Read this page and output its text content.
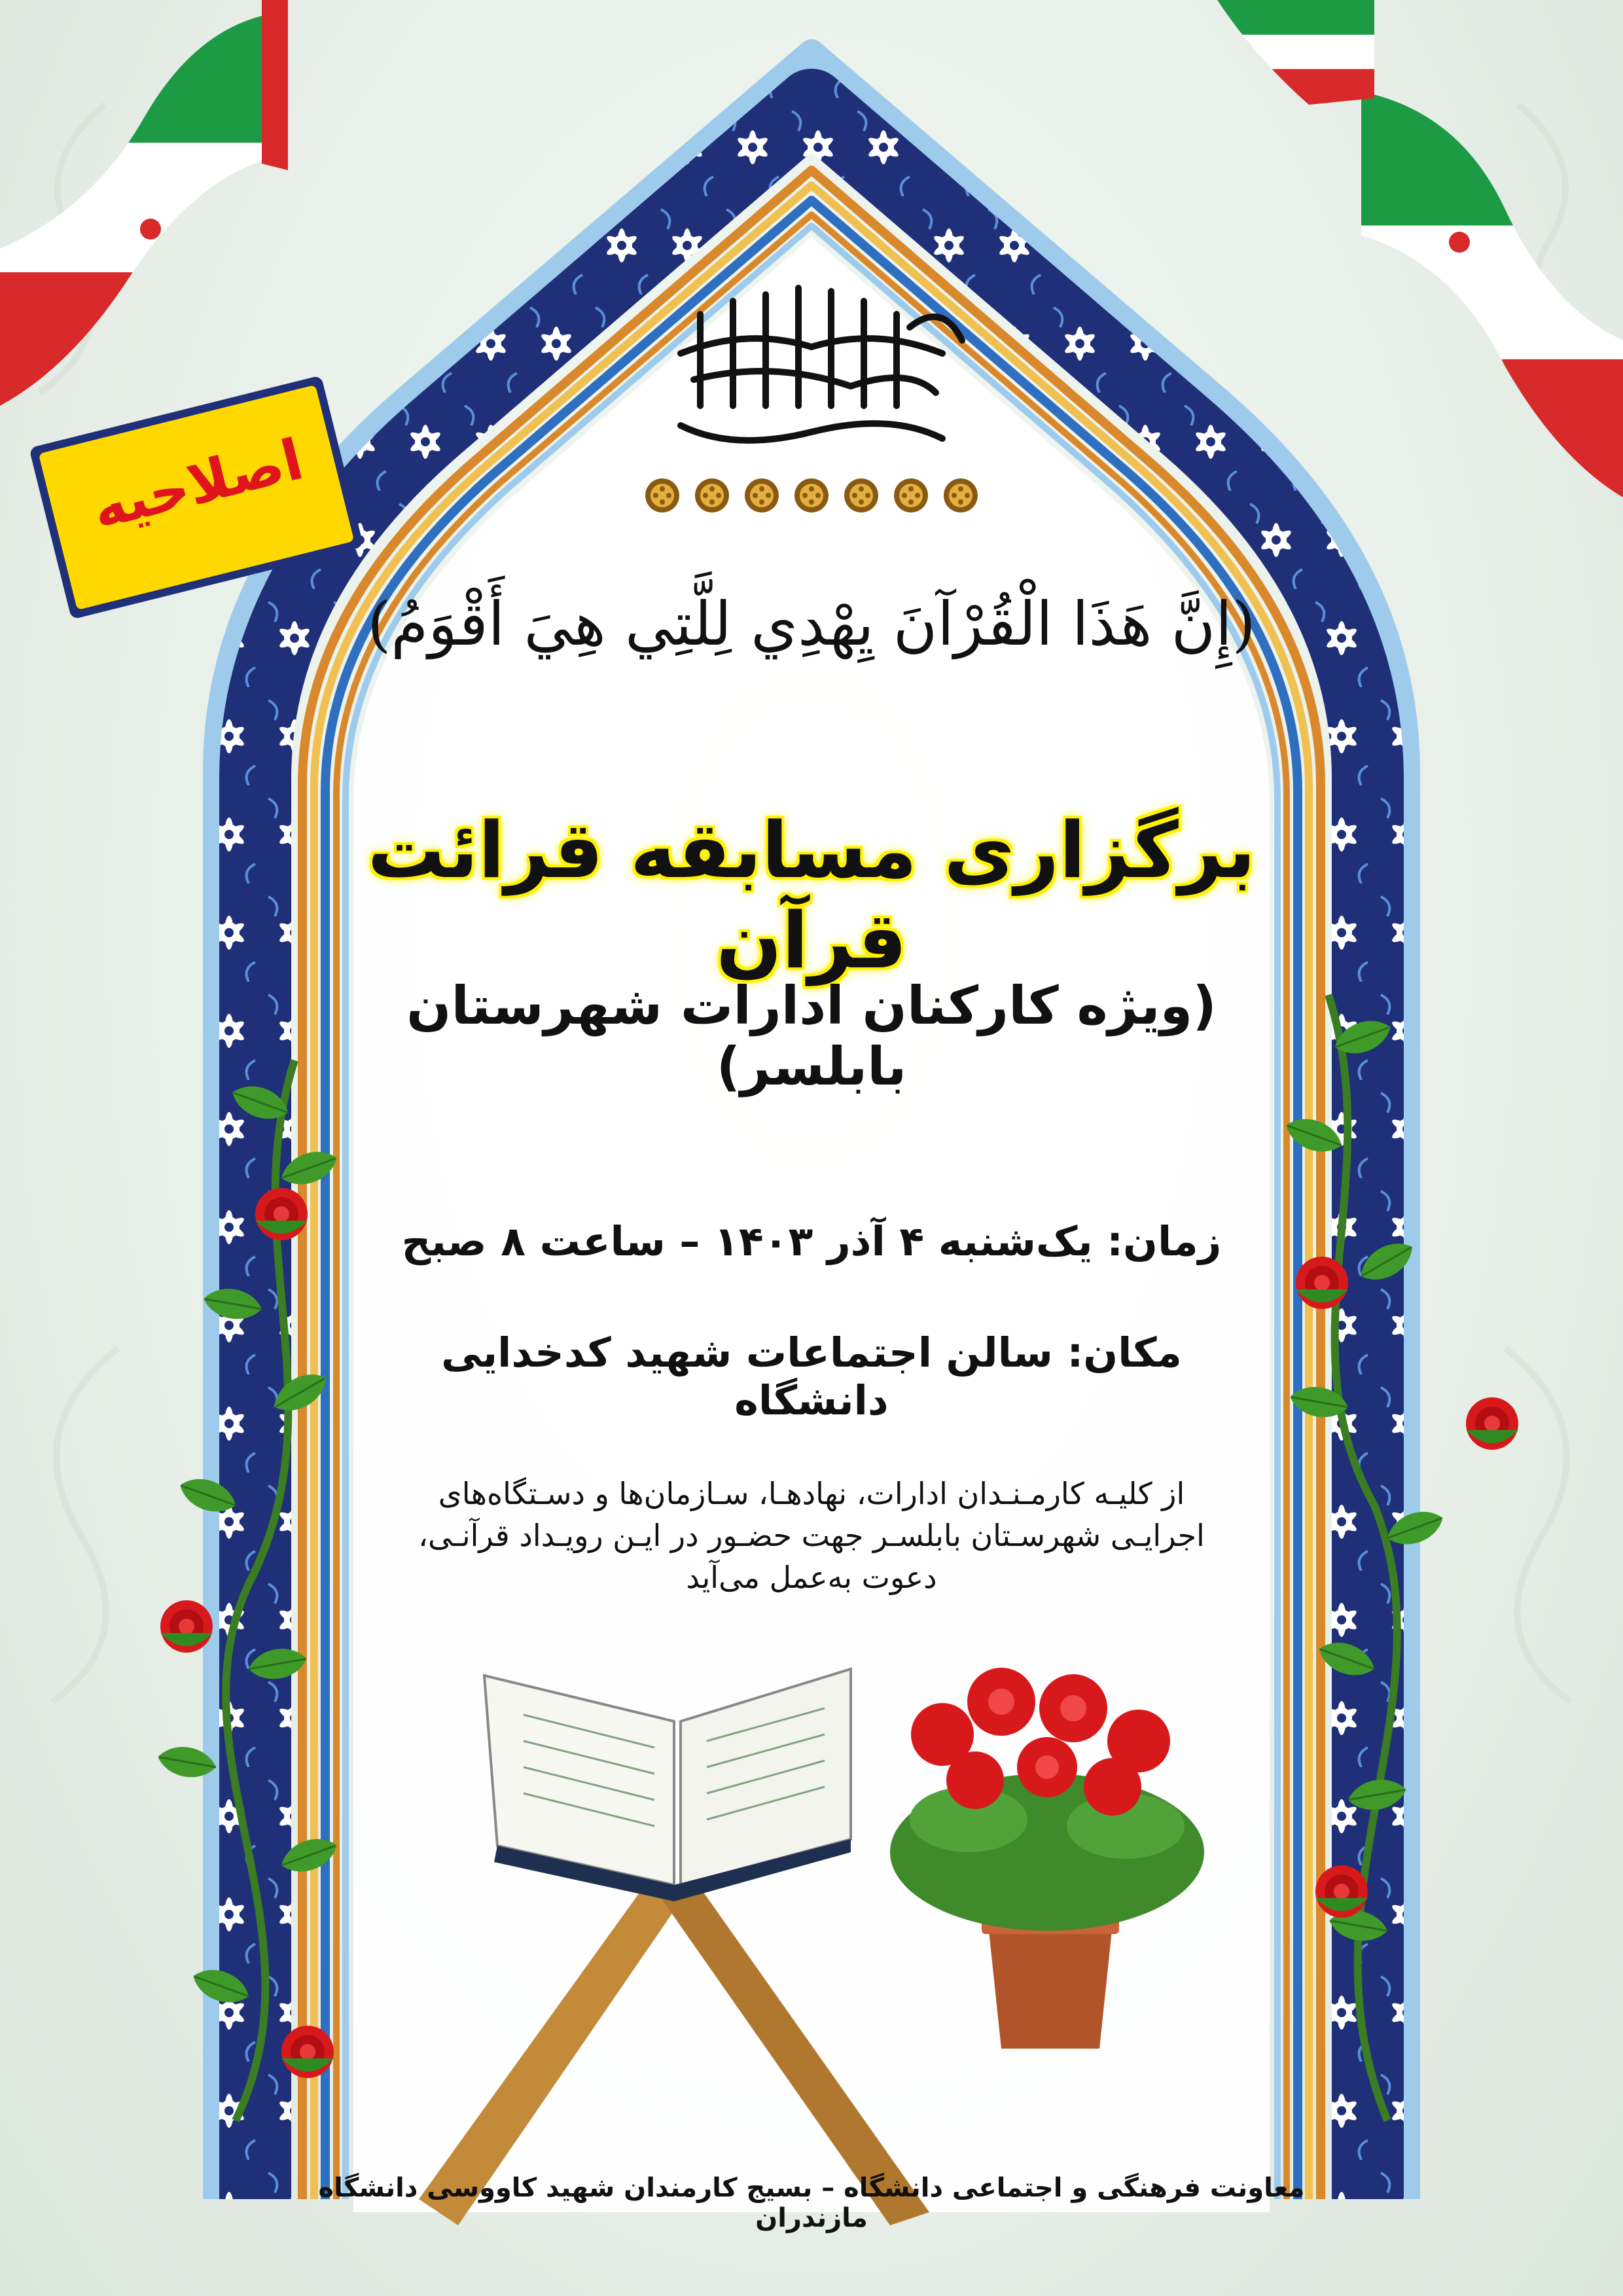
اصلاحیه
(إِنَّ هَذَا الْقُرْآنَ يِهْدِي لِلَّتِي هِيَ أَقْوَمُ)
برگزاری مسابقه قرائت قرآن
(ویژه کارکنان ادارات شهرستان بابلسر)
زمان: یک‌شنبه ۴ آذر ۱۴۰۳ – ساعت ۸ صبح
مکان: سالن اجتماعات شهید کدخدایی دانشگاه
از کلیـه کارمـنـدان ادارات، نهادهـا، سـازمان‌ها و دسـتگاه‌های
اجرایـی شهرسـتان بابلسـر جهت حضـور در ایـن رویـداد قرآنـی،
دعوت به‌عمل می‌آید
معاونت فرهنگی و اجتماعی دانشگاه – بسیج کارمندان شهید کاووسی دانشگاه مازندران
